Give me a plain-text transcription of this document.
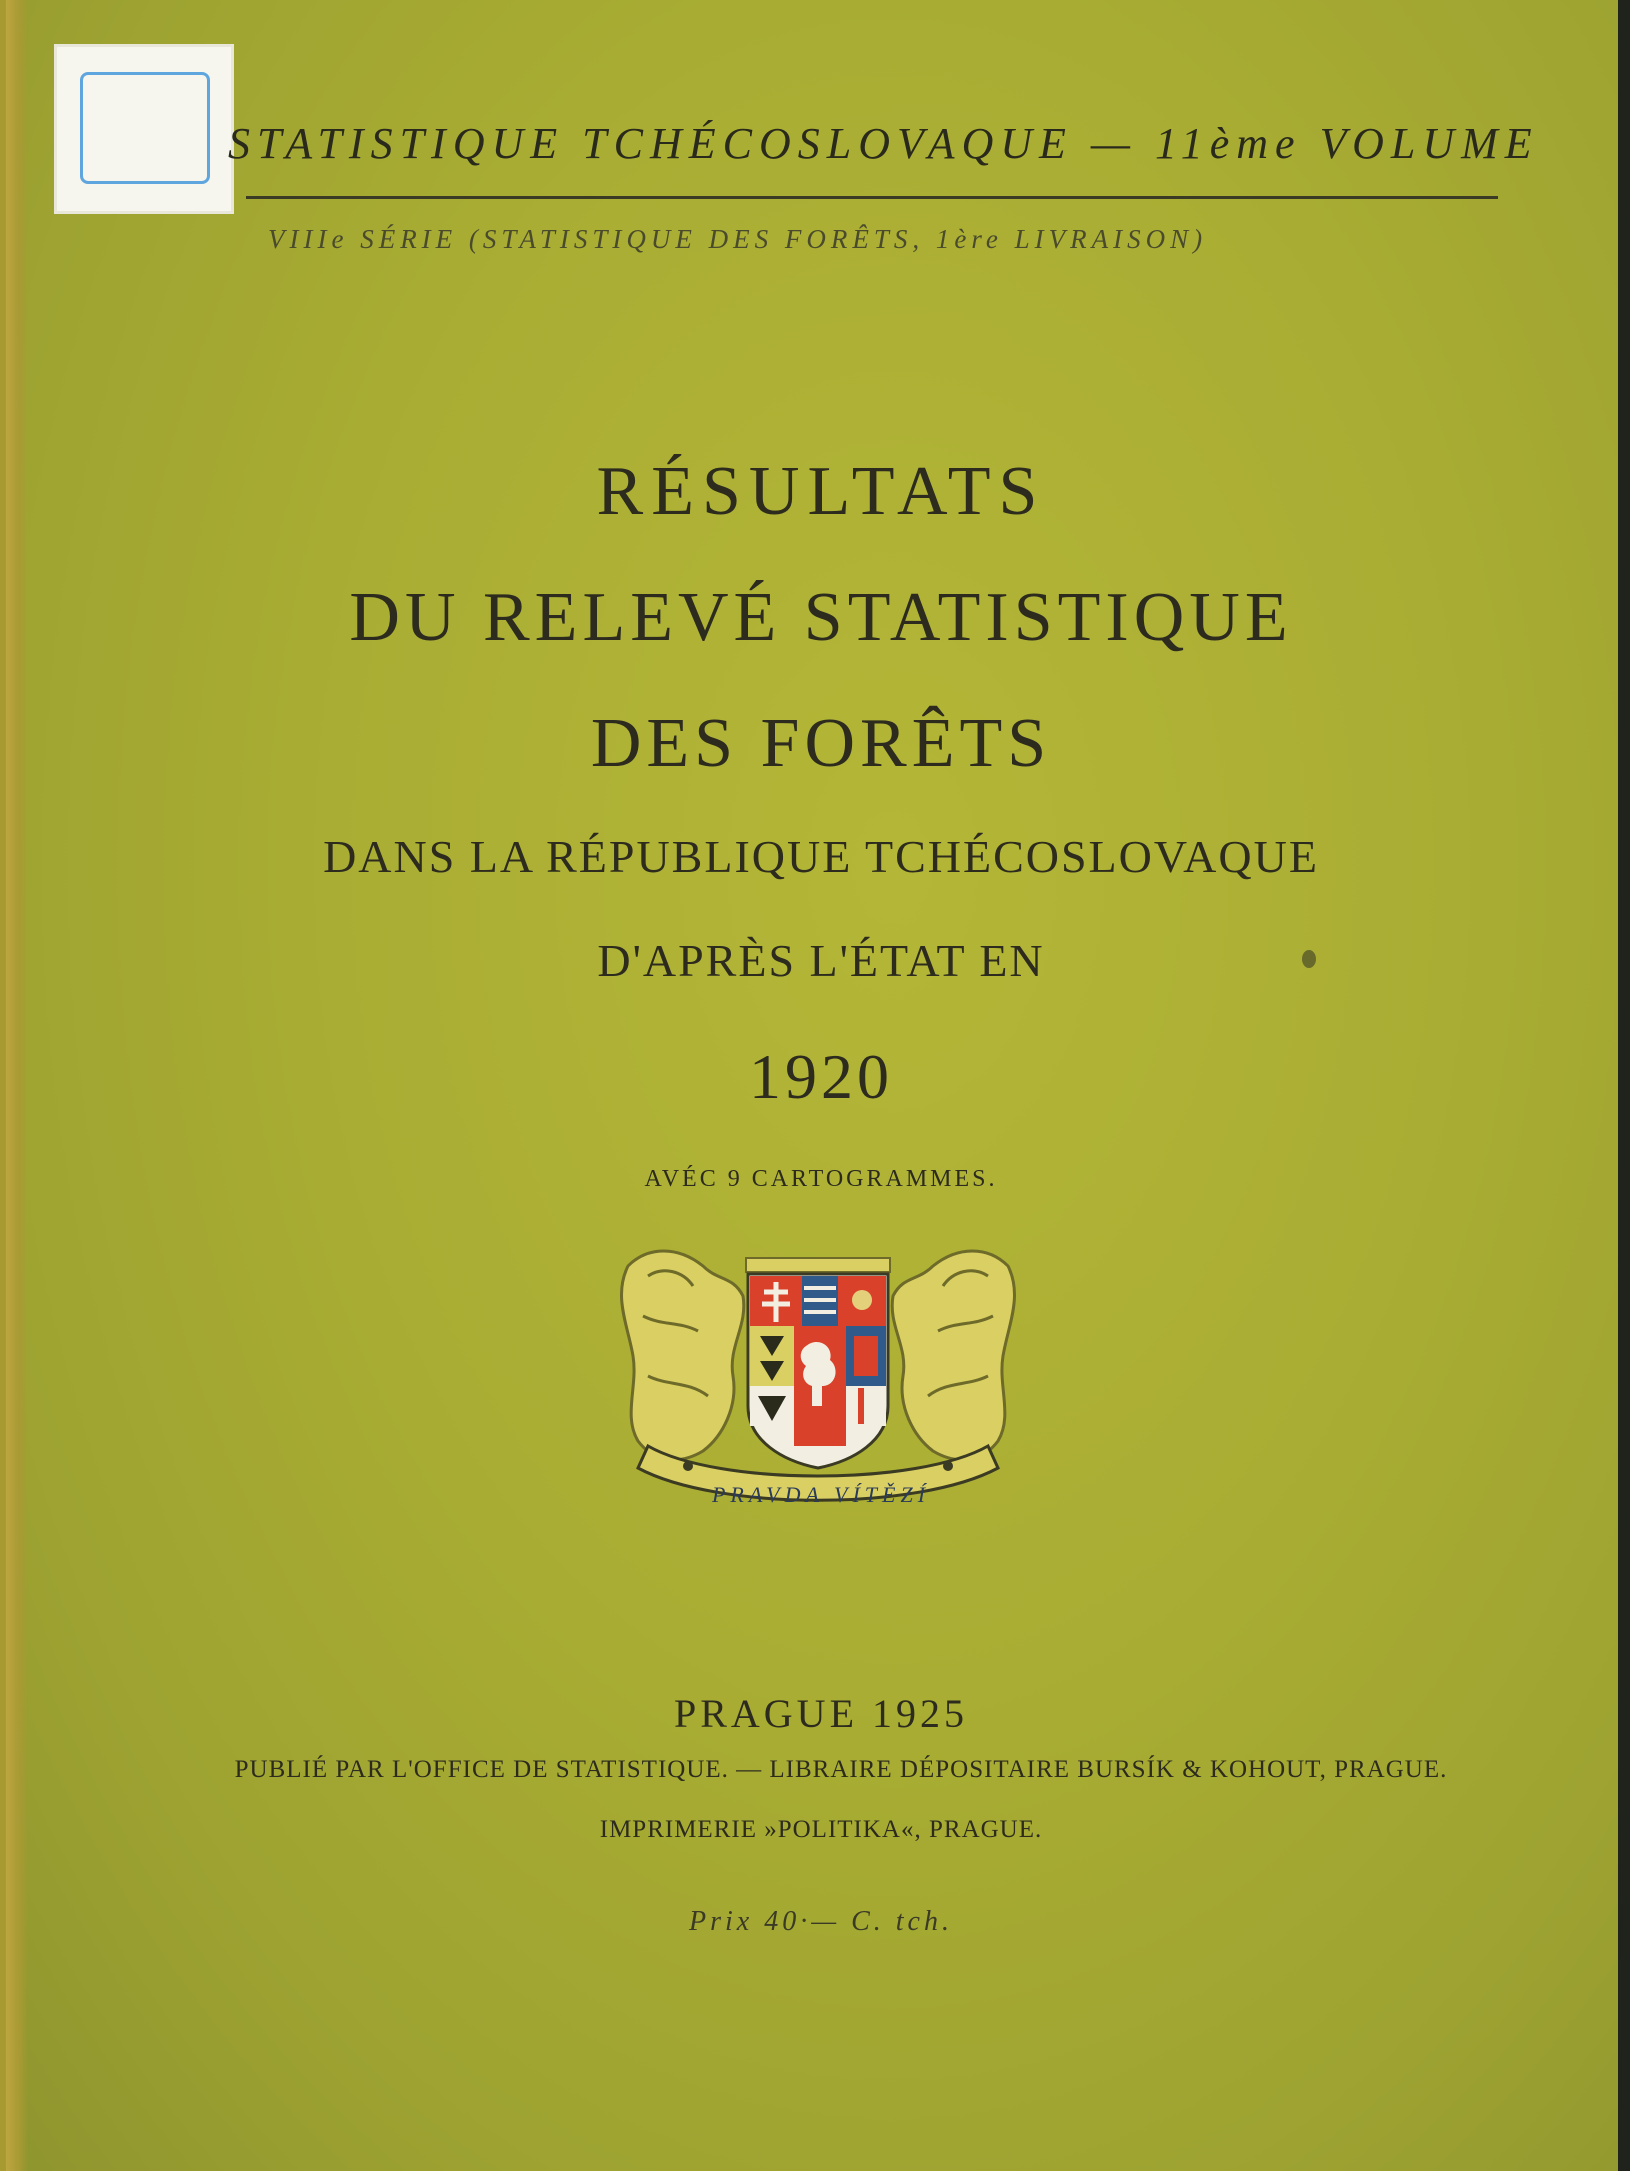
STATISTIQUE TCHÉCOSLOVAQUE — 11ème VOLUME
VIIIe SÉRIE (STATISTIQUE DES FORÊTS, 1ère LIVRAISON)
RÉSULTATS
DU RELEVÉ STATISTIQUE
DES FORÊTS
DANS LA RÉPUBLIQUE TCHÉCOSLOVAQUE
D'APRÈS L'ÉTAT EN
1920
AVÉC 9 CARTOGRAMMES.
PRAVDA VÍTĚZÍ
PRAGUE 1925
PUBLIÉ PAR L'OFFICE DE STATISTIQUE. — LIBRAIRE DÉPOSITAIRE BURSÍK & KOHOUT, PRAGUE.
IMPRIMERIE »POLITIKA«, PRAGUE.
Prix 40·— C. tch.
